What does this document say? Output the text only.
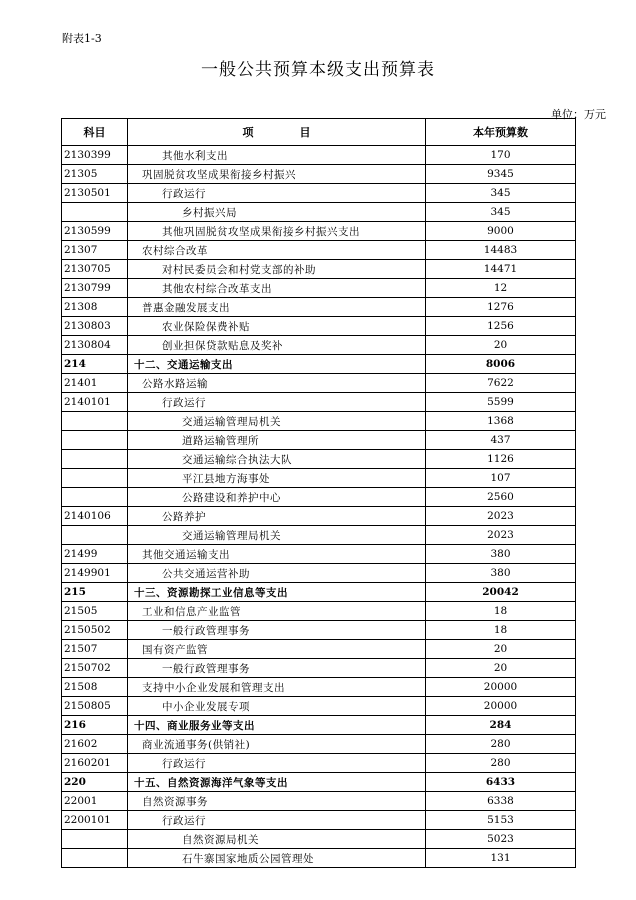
附表1-3
一般公共预算本级支出预算表
单位：万元
科目	项            目	本年预算数
2130399	其他水利支出	170
21305	巩固脱贫攻坚成果衔接乡村振兴	9345
2130501	行政运行	345
	乡村振兴局	345
2130599	其他巩固脱贫攻坚成果衔接乡村振兴支出	9000
21307	农村综合改革	14483
2130705	对村民委员会和村党支部的补助	14471
2130799	其他农村综合改革支出	12
21308	普惠金融发展支出	1276
2130803	农业保险保费补贴	1256
2130804	创业担保贷款贴息及奖补	20
214	十二、交通运输支出	8006
21401	公路水路运输	7622
2140101	行政运行	5599
	交通运输管理局机关	1368
	道路运输管理所	437
	交通运输综合执法大队	1126
	平江县地方海事处	107
	公路建设和养护中心	2560
2140106	公路养护	2023
	交通运输管理局机关	2023
21499	其他交通运输支出	380
2149901	公共交通运营补助	380
215	十三、资源勘探工业信息等支出	20042
21505	工业和信息产业监管	18
2150502	一般行政管理事务	18
21507	国有资产监管	20
2150702	一般行政管理事务	20
21508	支持中小企业发展和管理支出	20000
2150805	中小企业发展专项	20000
216	十四、商业服务业等支出	284
21602	商业流通事务(供销社)	280
2160201	行政运行	280
220	十五、自然资源海洋气象等支出	6433
22001	自然资源事务	6338
2200101	行政运行	5153
	自然资源局机关	5023
	石牛寨国家地质公园管理处	131
